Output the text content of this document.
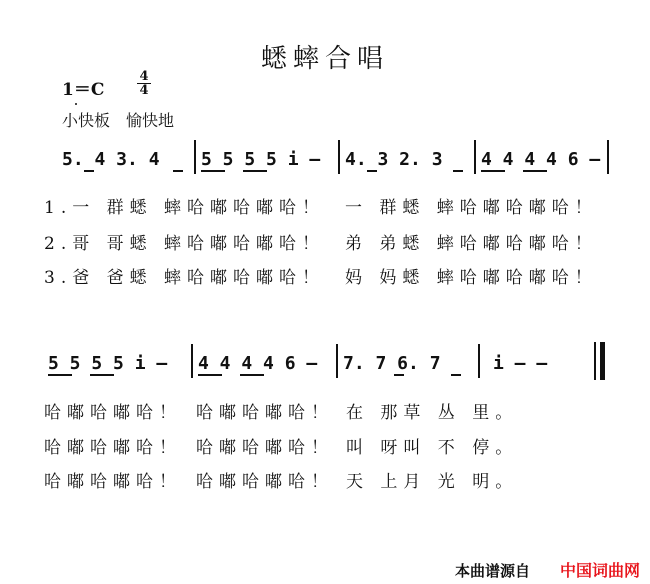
蟋蟀合唱
1＝C	$\frac{4}{4}$
小快板　愉快地
5. 4 3. 4 5 5 5 5 i – 4. 3 2. 3 4 4 4 4 6 –
1.一 群蟋 蟀哈嘟哈嘟哈！ 一 群蟋 蟀哈嘟哈嘟哈！
2.哥 哥蟋 蟀哈嘟哈嘟哈！ 弟 弟蟋 蟀哈嘟哈嘟哈！
3.爸 爸蟋 蟀哈嘟哈嘟哈！ 妈 妈蟋 蟀哈嘟哈嘟哈！
5 5 5 5 i – 4 4 4 4 6 – 7. 7 6. 7	i – –
哈嘟哈嘟哈！ 哈嘟哈嘟哈！ 在 那草 丛 里。
哈嘟哈嘟哈！ 哈嘟哈嘟哈！ 叫 呀叫 不 停。
哈嘟哈嘟哈！ 哈嘟哈嘟哈！ 天 上月 光 明。
本曲谱源自 中国词曲网
